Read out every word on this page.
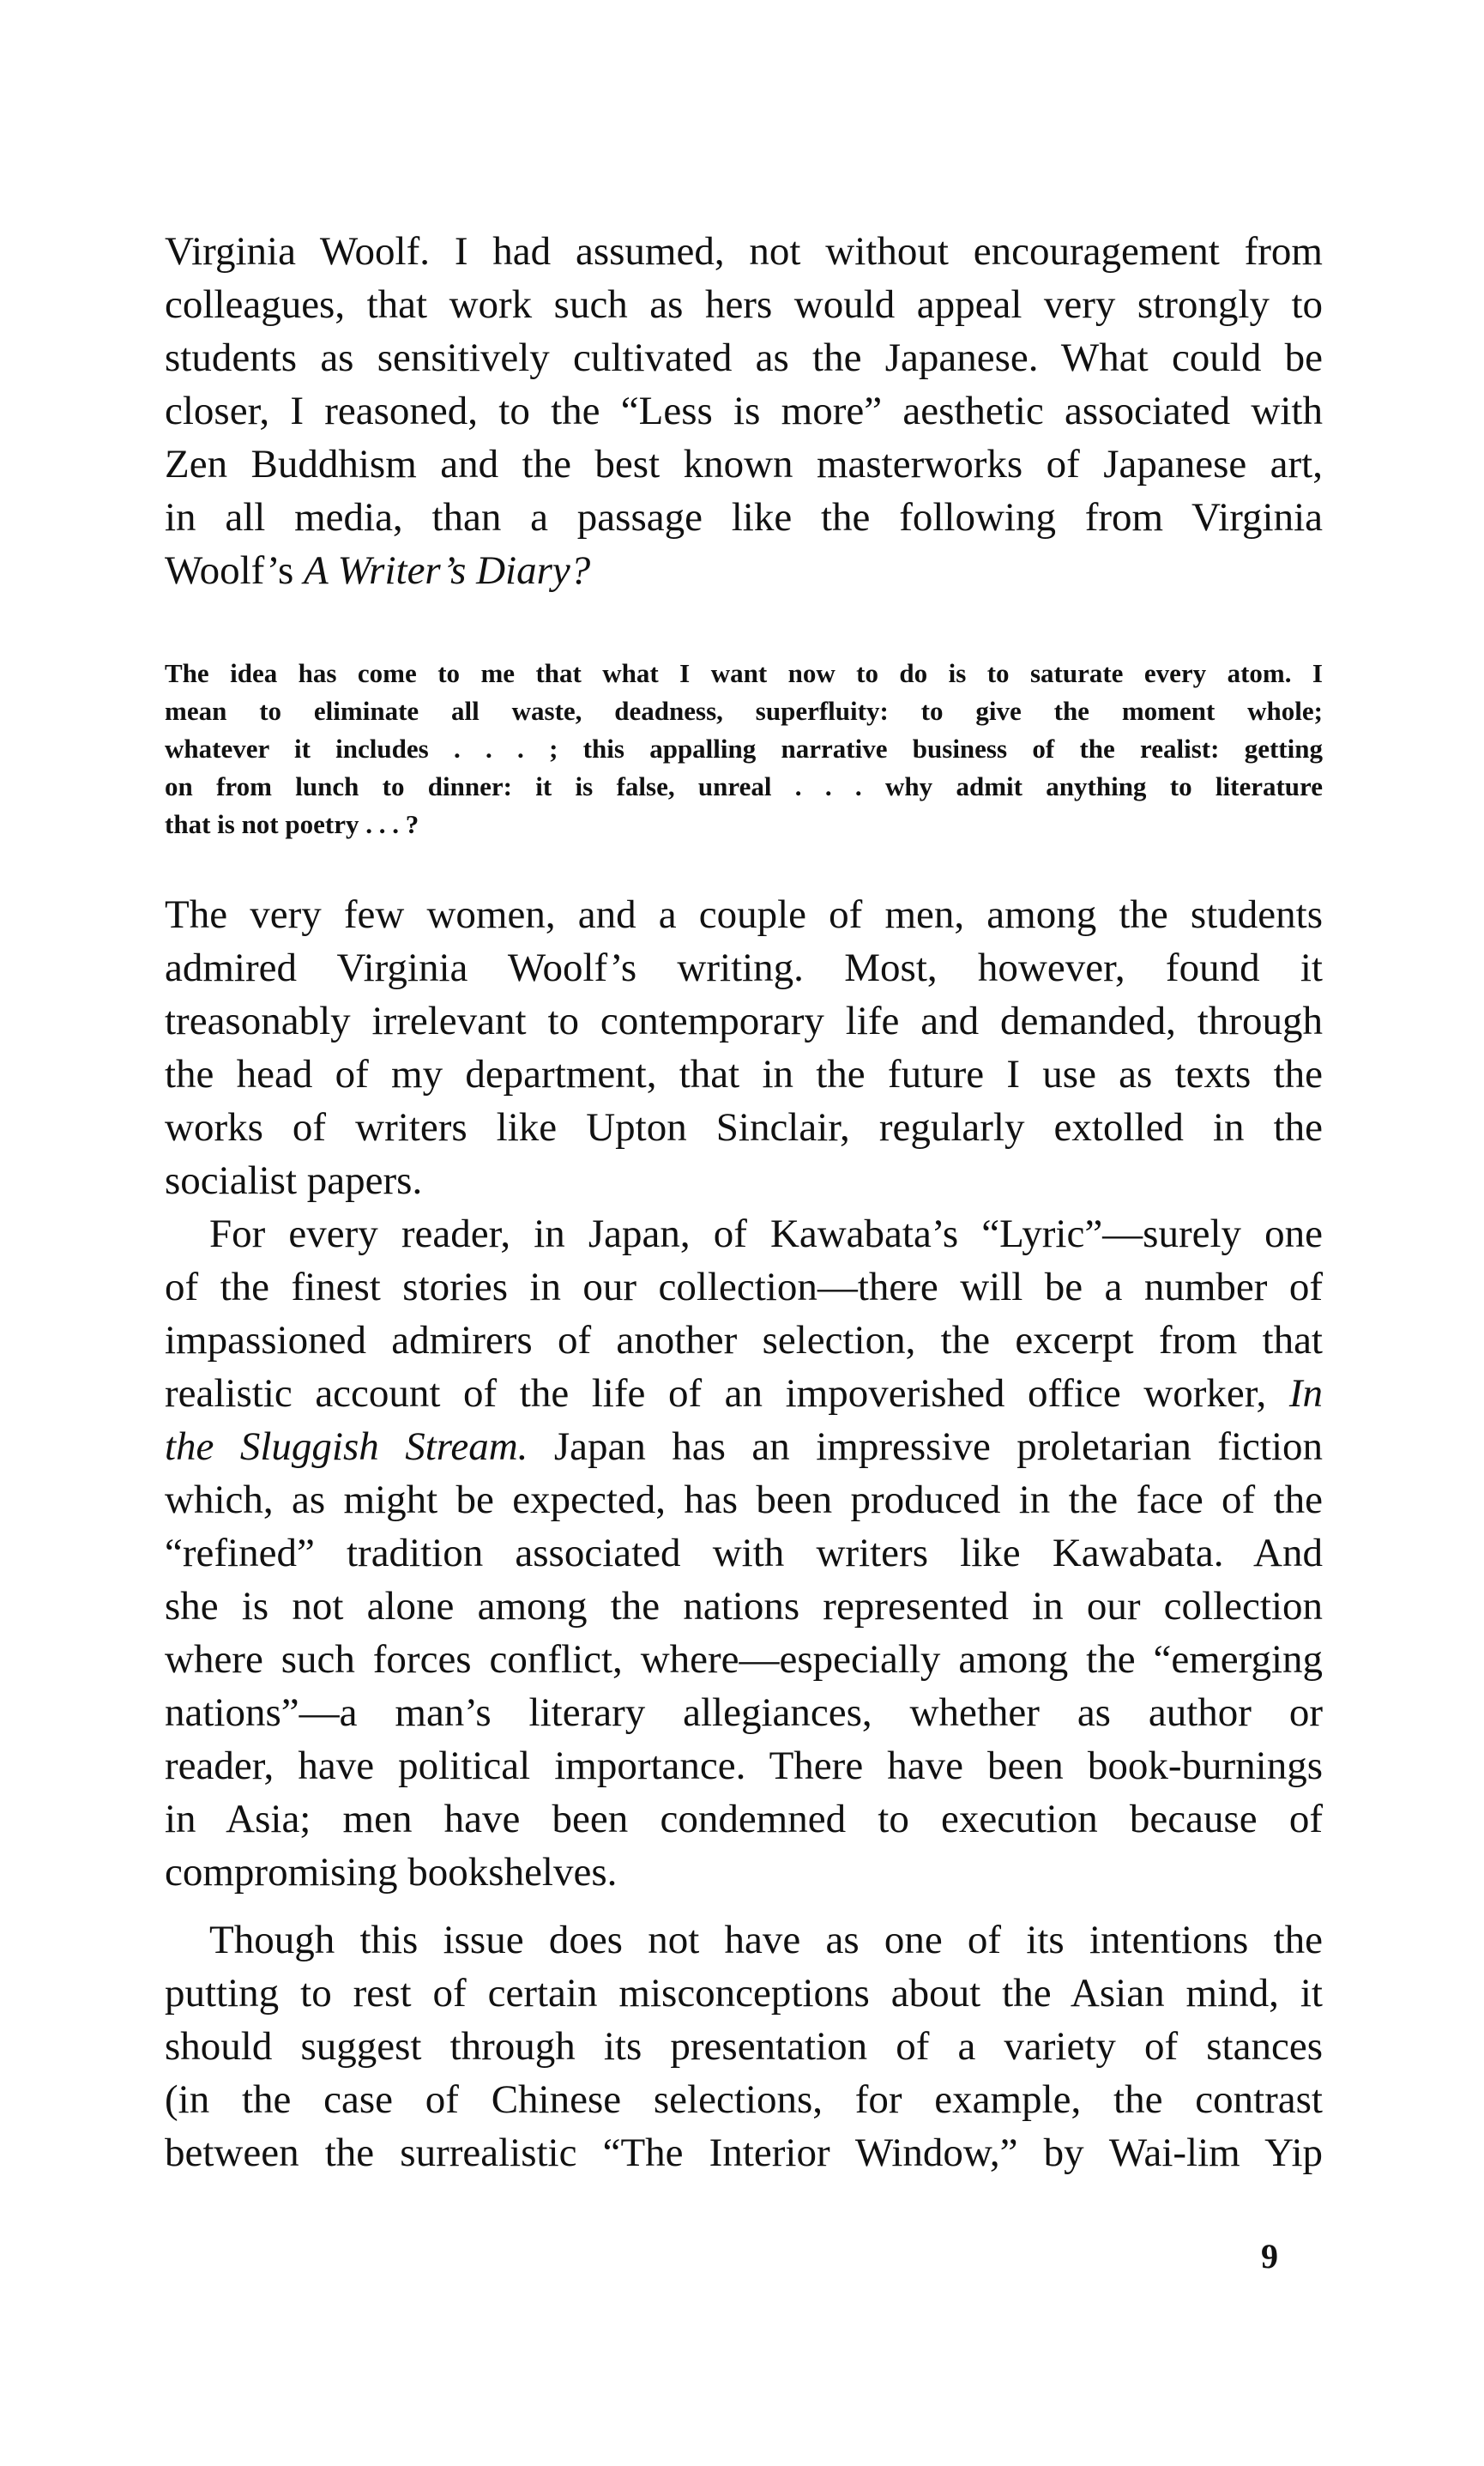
Virginia Woolf. I had assumed, not without encouragement from
colleagues, that work such as hers would appeal very strongly to
students as sensitively cultivated as the Japanese. What could be
closer, I reasoned, to the “Less is more” aesthetic associated with
Zen Buddhism and the best known masterworks of Japanese art,
in all media, than a passage like the following from Virginia
Woolf’s A Writer’s Diary?
The idea has come to me that what I want now to do is to saturate every atom. I
mean to eliminate all waste, deadness, superfluity: to give the moment whole;
whatever it includes . . . ; this appalling narrative business of the realist: getting
on from lunch to dinner: it is false, unreal . . . why admit anything to literature
that is not poetry . . . ?
The very few women, and a couple of men, among the students
admired Virginia Woolf’s writing. Most, however, found it
treasonably irrelevant to contemporary life and demanded, through
the head of my department, that in the future I use as texts the
works of writers like Upton Sinclair, regularly extolled in the
socialist papers.
For every reader, in Japan, of Kawabata’s “Lyric”—surely one
of the finest stories in our collection—there will be a number of
impassioned admirers of another selection, the excerpt from that
realistic account of the life of an impoverished office worker, In
the Sluggish Stream. Japan has an impressive proletarian fiction
which, as might be expected, has been produced in the face of the
“refined” tradition associated with writers like Kawabata. And
she is not alone among the nations represented in our collection
where such forces conflict, where—especially among the “emerging
nations”—a man’s literary allegiances, whether as author or
reader, have political importance. There have been book-burnings
in Asia; men have been condemned to execution because of
compromising bookshelves.
Though this issue does not have as one of its intentions the
putting to rest of certain misconceptions about the Asian mind, it
should suggest through its presentation of a variety of stances
(in the case of Chinese selections, for example, the contrast
between the surrealistic “The Interior Window,” by Wai-lim Yip
9
